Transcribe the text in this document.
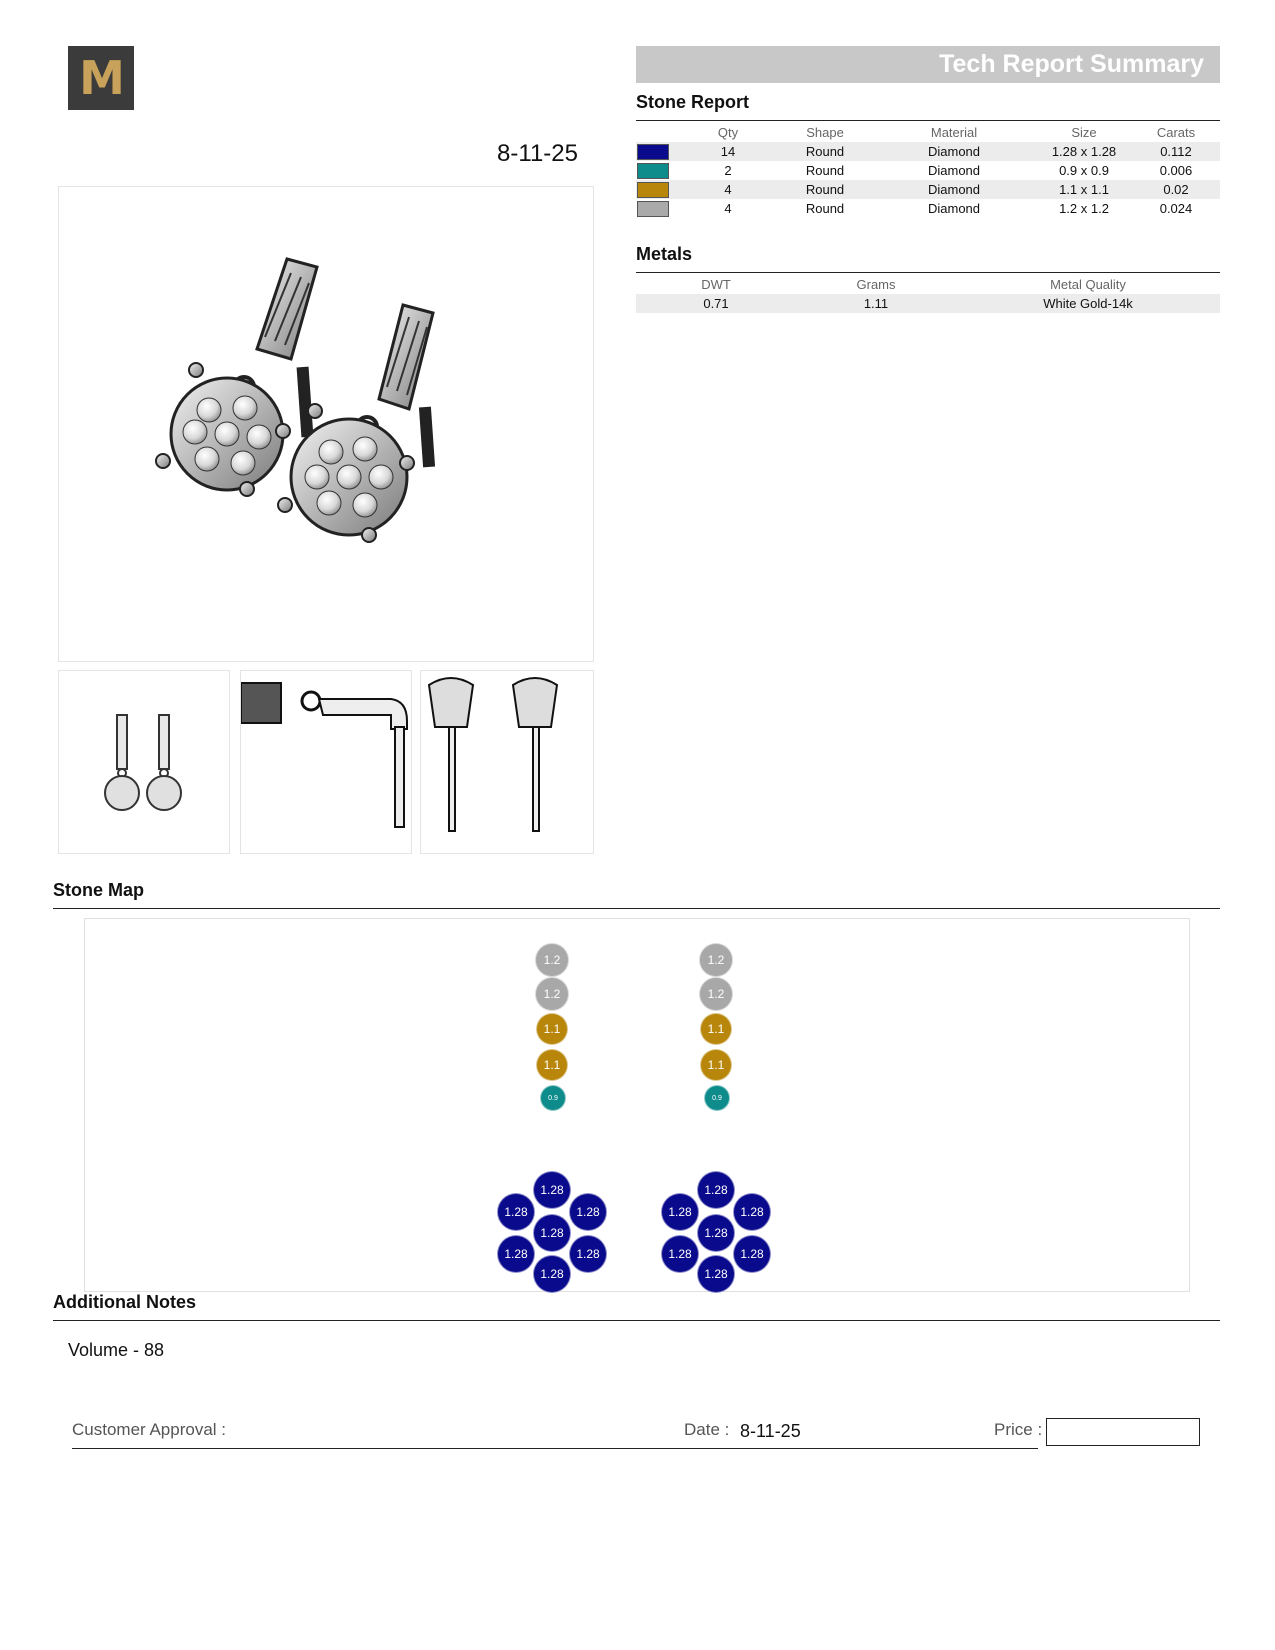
M
8-11-25
Tech Report Summary
Stone Report
	Qty	Shape	Material	Size	Carats

	14	Round	Diamond	1.28 x 1.28	0.112

	2	Round	Diamond	0.9 x 0.9	0.006

	4	Round	Diamond	1.1 x 1.1	0.02

	4	Round	Diamond	1.2 x 1.2	0.024
Metals
DWT	Grams	Metal Quality
0.71	1.11	White Gold-14k
Stone Map
1.2
1.2
1.1
1.1
0.9
1.28
1.28	1.28
1.28
1.28	1.28
1.28
1.2
1.2
1.1
1.1
0.9
1.28
1.28	1.28
1.28
1.28	1.28
1.28
Additional Notes
Volume - 88
Customer Approval :	Date : 8-11-25	Price :
